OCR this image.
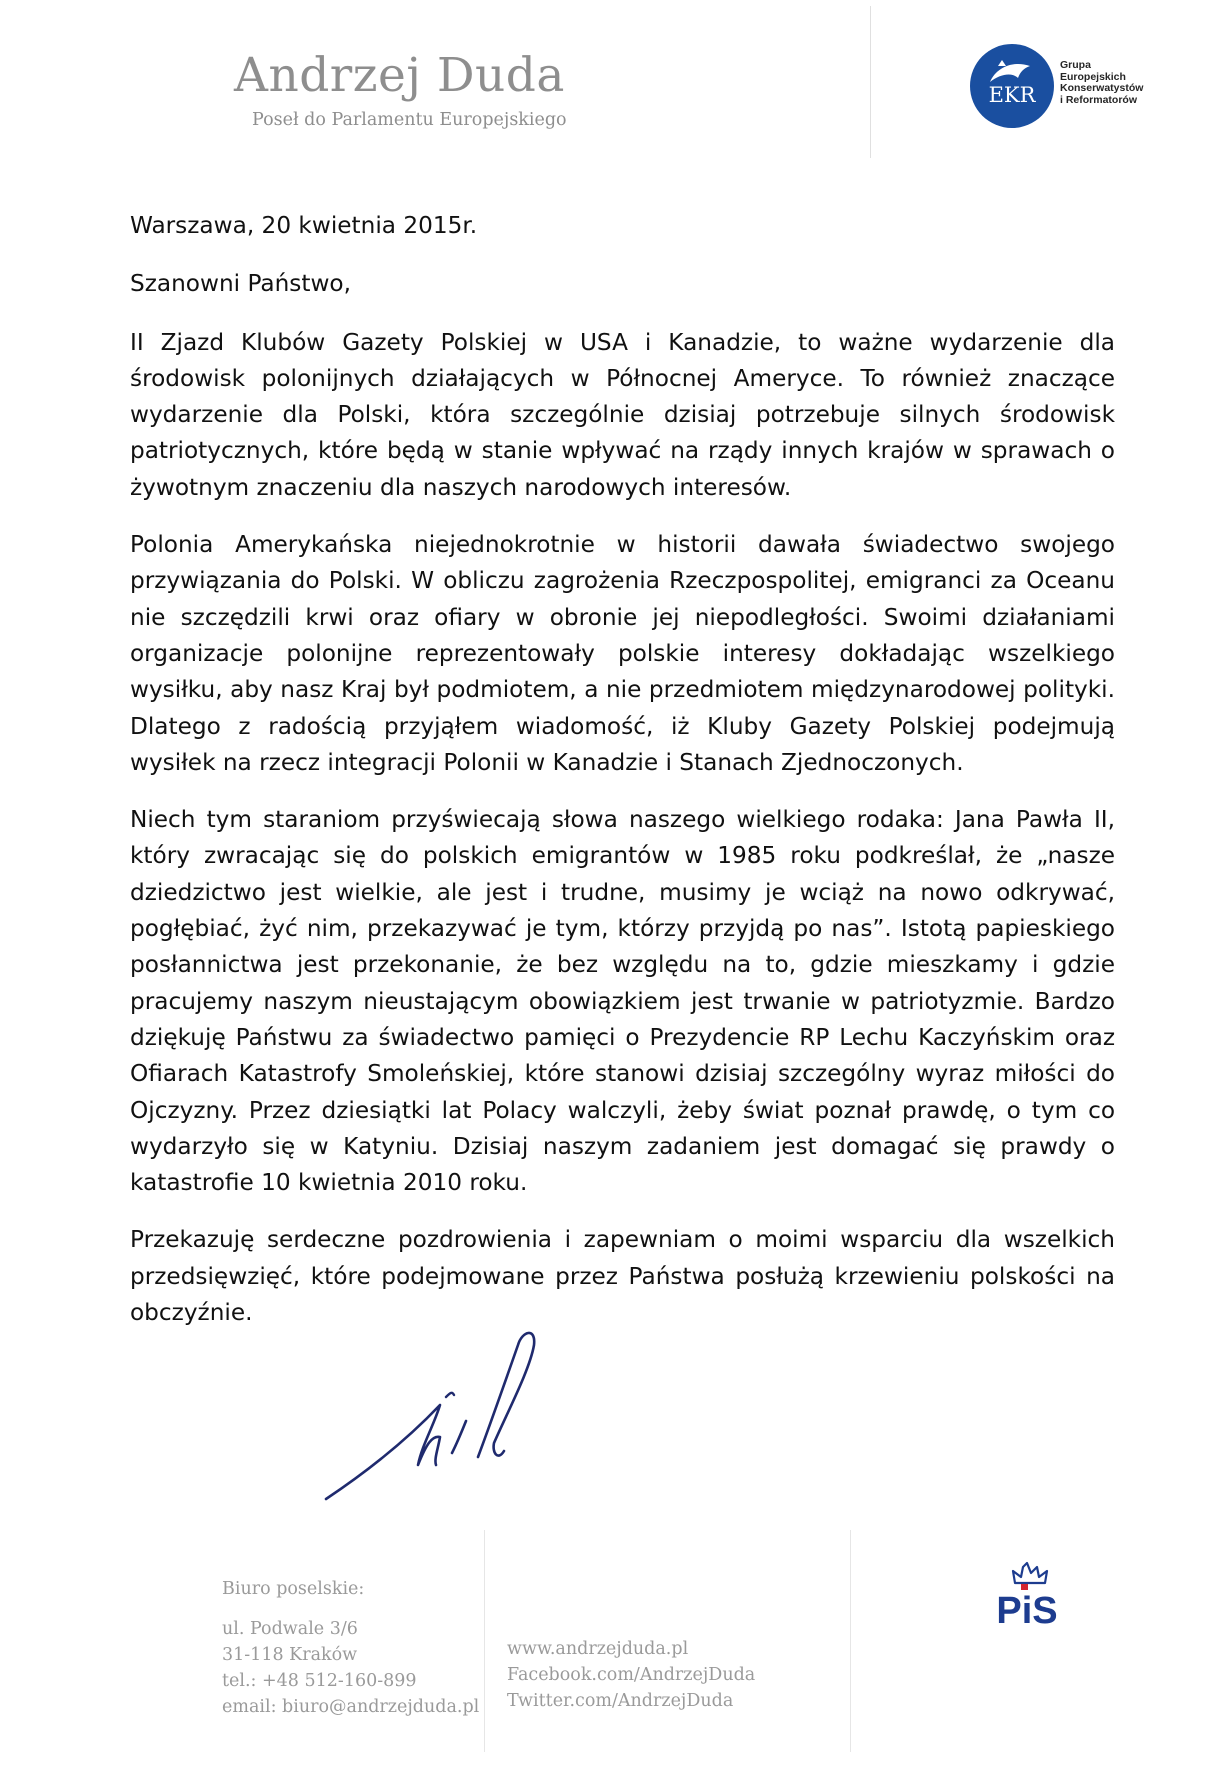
Andrzej Duda
Poseł do Parlamentu Europejskiego
EKR
Grupa
Europejskich
Konserwatystów
i Reformatorów

Warszawa, 20 kwietnia 2015r.

Szanowni Państwo,

II Zjazd Klubów Gazety Polskiej w USA i Kanadzie, to ważne wydarzenie dla środowisk polonijnych działających w Północnej Ameryce. To również znaczące wydarzenie dla Polski, która szczególnie dzisiaj potrzebuje silnych środowisk patriotycznych, które będą w stanie wpływać na rządy innych krajów w sprawach o żywotnym znaczeniu dla naszych narodowych interesów.

Polonia Amerykańska niejednokrotnie w historii dawała świadectwo swojego przywiązania do Polski. W obliczu zagrożenia Rzeczpospolitej, emigranci za Oceanu nie szczędzili krwi oraz ofiary w obronie jej niepodległości. Swoimi działaniami organizacje polonijne reprezentowały polskie interesy dokładając wszelkiego wysiłku, aby nasz Kraj był podmiotem, a nie przedmiotem międzynarodowej polityki. Dlatego z radością przyjąłem wiadomość, iż Kluby Gazety Polskiej podejmują wysiłek na rzecz integracji Polonii w Kanadzie i Stanach Zjednoczonych.

Niech tym staraniom przyświecają słowa naszego wielkiego rodaka: Jana Pawła II, który zwracając się do polskich emigrantów w 1985 roku podkreślał, że „nasze dziedzictwo jest wielkie, ale jest i trudne, musimy je wciąż na nowo odkrywać, pogłębiać, żyć nim, przekazywać je tym, którzy przyjdą po nas”. Istotą papieskiego posłannictwa jest przekonanie, że bez względu na to, gdzie mieszkamy i gdzie pracujemy naszym nieustającym obowiązkiem jest trwanie w patriotyzmie. Bardzo dziękuję Państwu za świadectwo pamięci o Prezydencie RP Lechu Kaczyńskim oraz Ofiarach Katastrofy Smoleńskiej, które stanowi dzisiaj szczególny wyraz miłości do Ojczyzny. Przez dziesiątki lat Polacy walczyli, żeby świat poznał prawdę, o tym co wydarzyło się w Katyniu. Dzisiaj naszym zadaniem jest domagać się prawdy o katastrofie 10 kwietnia 2010 roku.

Przekazuję serdeczne pozdrowienia i zapewniam o moimi wsparciu dla wszelkich przedsięwzięć, które podejmowane przez Państwa posłużą krzewieniu polskości na obczyźnie.

Biuro poselskie:
ul. Podwale 3/6
31-118 Kraków
tel.: +48 512-160-899
email: biuro@andrzejduda.pl
www.andrzejduda.pl
Facebook.com/AndrzejDuda
Twitter.com/AndrzejDuda
PiS
